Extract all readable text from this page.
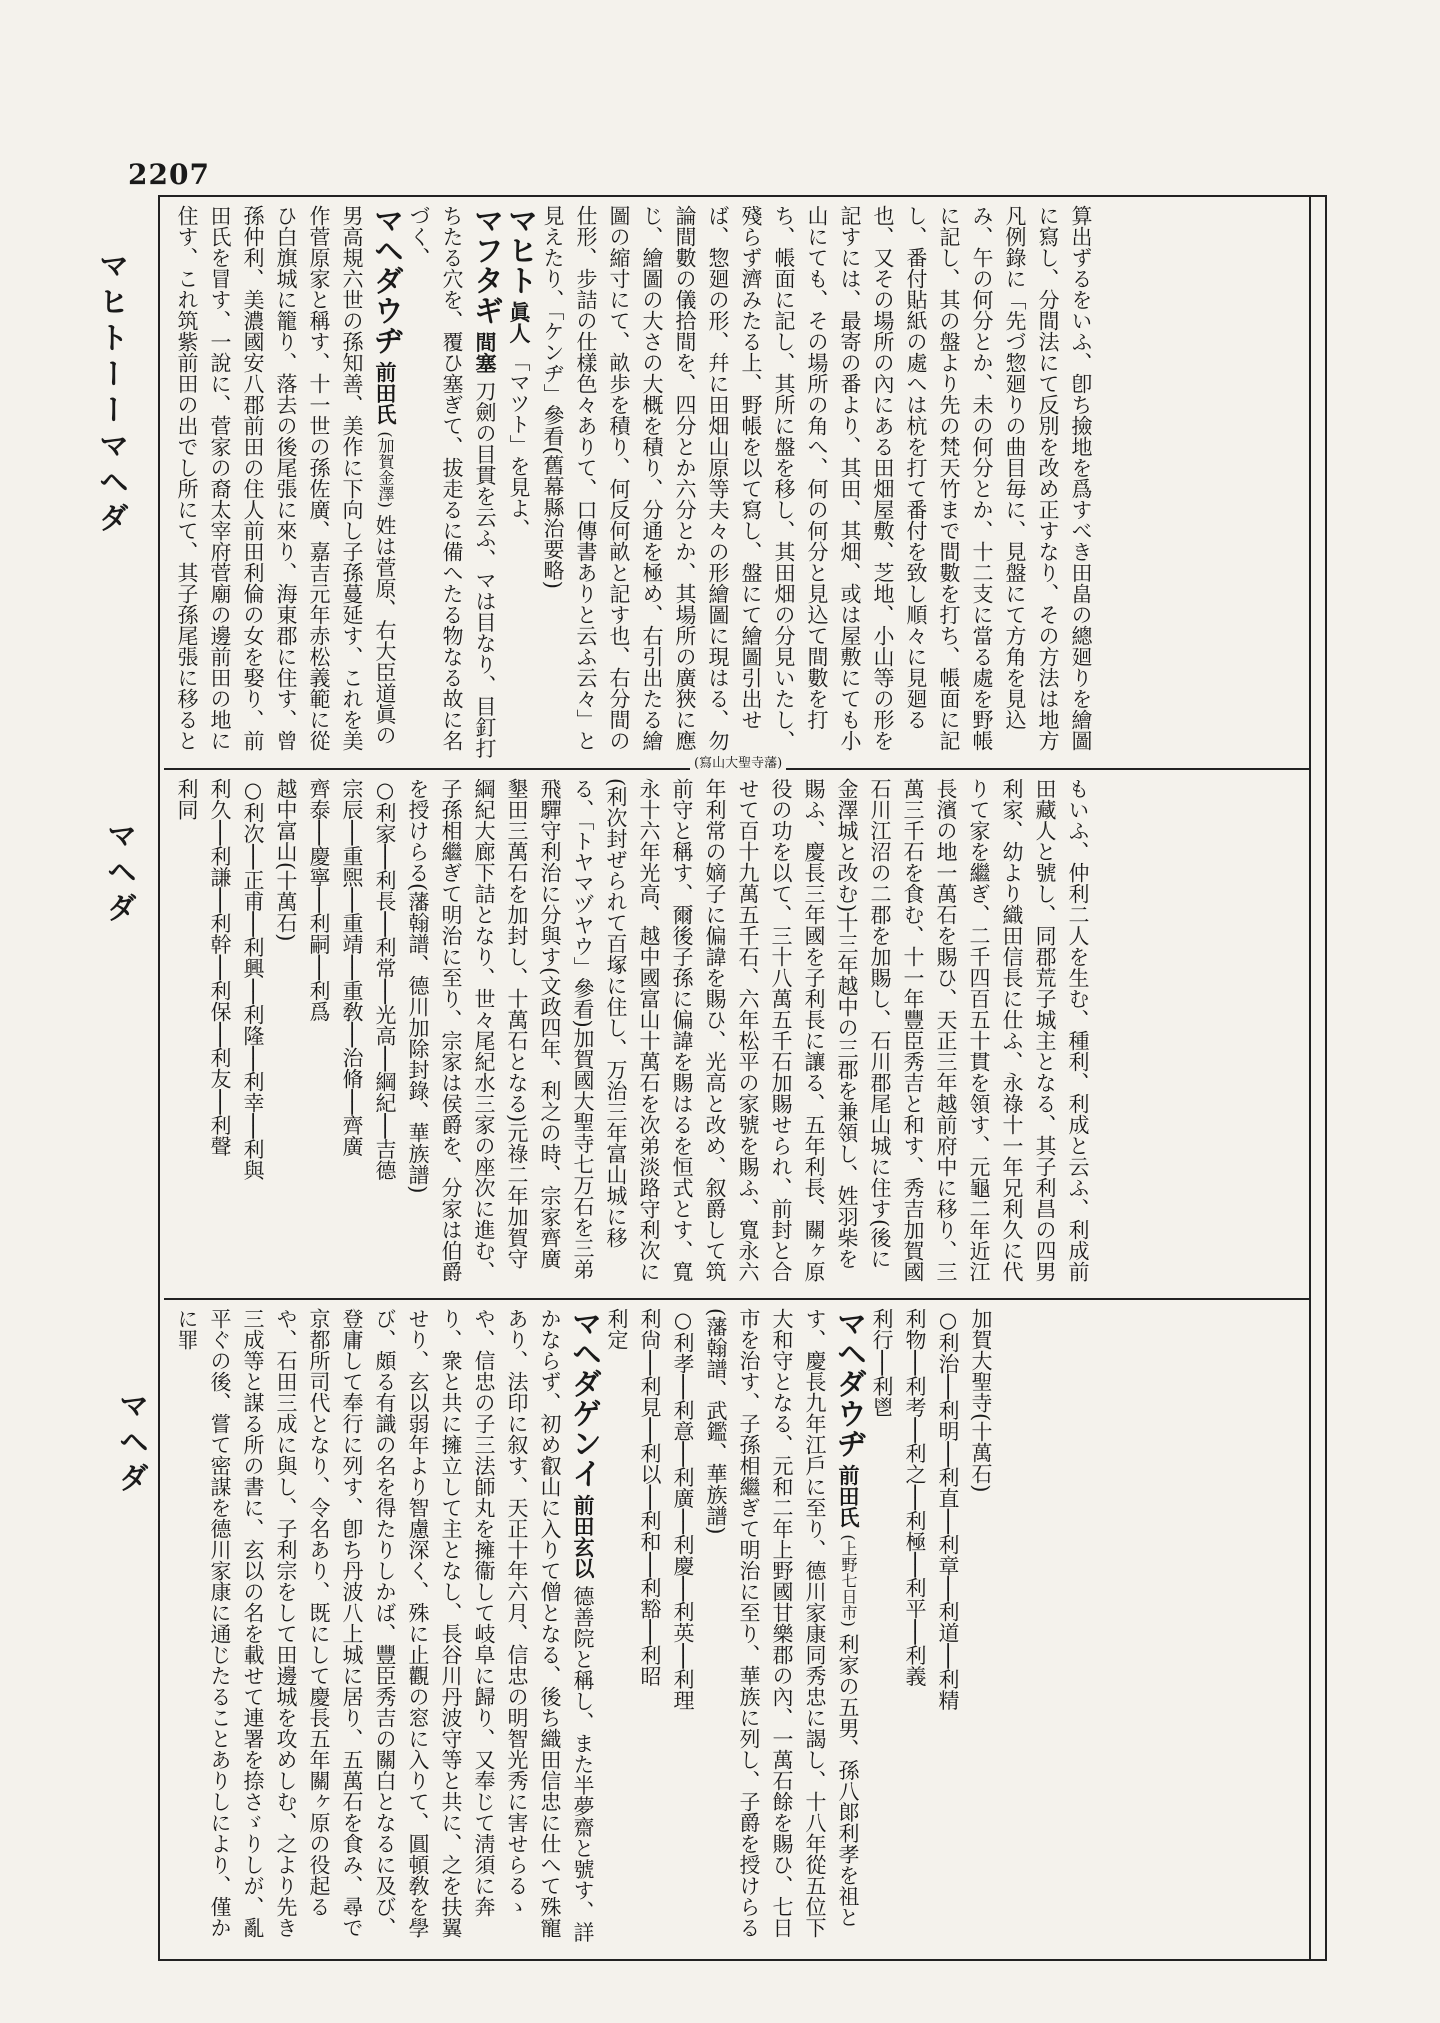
2207
マヒトーーマヘダ
マヘダ
マヘダ
(寫山大聖寺藩)

算出ずるをいふ、卽ち撿地を爲すべき田畠の總廻りを繪圖に寫し、分間法にて反別を改め正すなり、その方法は地方凡例錄に「先づ惣廻りの曲目毎に、見盤にて方角を見込み、午の何分とか、未の何分とか、十二支に當る處を野帳に記し、其の盤より先の梵天竹まで間數を打ち、帳面に記し、番付貼紙の處へは杭を打て番付を致し順々に見廻る也、又その場所の內にある田畑屋敷、芝地、小山等の形を記すには、最寄の番より、其田、其畑、或は屋敷にても小山にても、その場所の角へ、何の何分と見込て間數を打ち、帳面に記し、其所に盤を移し、其田畑の分見いたし、殘らず濟みたる上、野帳を以て寫し、盤にて繪圖引出せば、惣廻の形、幷に田畑山原等夫々の形繪圖に現はる、勿論間數の儀拾間を、四分とか六分とか、其場所の廣狹に應じ、繪圖の大さの大概を積り、分通を極め、右引出たる繪圖の縮寸にて、畝歩を積り、何反何畝と記す也、右分間の仕形、步詰の仕樣色々ありて、口傳書ありと云ふ云々」と見えたり、「ケンヂ」參看(舊幕縣治要略)

マヒト 眞人 「マツト」を見よ、

マフタギ 間塞 刀劍の目貫を云ふ、マは目なり、目釘打ちたる穴を、覆ひ塞ぎて、拔走るに備へたる物なる故に名づく、

マヘダウヂ 前田氏 (加賀金澤) 姓は菅原、右大臣道眞の男高規六世の孫知善、美作に下向し子孫蔓延す、これを美作菅原家と稱す、十一世の孫佐廣、嘉吉元年赤松義範に從ひ白旗城に籠り、落去の後尾張に來り、海東郡に住す、曾孫仲利、美濃國安八郡前田の住人前田利倫の女を娶り、前田氏を冒す、一說に、菅家の裔太宰府菅廟の邊前田の地に住す、これ筑紫前田の出でし所にて、其子孫尾張に移ると

もいふ、仲利二人を生む、種利、利成と云ふ、利成前田藏人と號し、同郡荒子城主となる、其子利昌の四男利家、幼より織田信長に仕ふ、永祿十一年兄利久に代りて家を繼ぎ、二千四百五十貫を領す、元龜二年近江長濱の地一萬石を賜ひ、天正三年越前府中に移り、三萬三千石を食む、十一年豐臣秀吉と和す、秀吉加賀國石川江沼の二郡を加賜し、石川郡尾山城に住す(後に金澤城と改む)十三年越中の三郡を兼領し、姓羽柴を賜ふ、慶長三年國を子利長に讓る、五年利長、關ヶ原役の功を以て、三十八萬五千石加賜せられ、前封と合せて百十九萬五千石、六年松平の家號を賜ふ、寬永六年利常の嫡子に偏諱を賜ひ、光高と改め、叙爵して筑前守と稱す、爾後子孫に偏諱を賜はるを恒式とす、寬永十六年光高、越中國富山十萬石を次弟淡路守利次に(利次封ぜられて百塚に住し、万治三年富山城に移る、「トヤマヅヤウ」參看)加賀國大聖寺七万石を三弟飛驒守利治に分與す(文政四年、利之の時、宗家齊廣墾田三萬石を加封し、十萬石となる)元祿二年加賀守綱紀大廊下詰となり、世々尾紀水三家の座次に進む、子孫相繼ぎて明治に至り、宗家は侯爵を、分家は伯爵を授けらる(藩翰譜、德川加除封錄、華族譜)

○利家──利長──利常──光高──綱紀──吉德

宗辰──重煕──重靖──重敎──治脩──齊廣

齊泰──慶寧──利嗣──利爲

越中富山(十萬石)

○利次──正甫──利興──利隆──利幸──利與

利久──利謙──利幹──利保──利友──利聲

利同

加賀大聖寺(十萬石)

○利治──利明──利直──利章──利道──利精

利物──利考──利之──利極──利平──利義

利行──利鬯

マヘダウヂ 前田氏 (上野七日市) 利家の五男、孫八郞利孝を祖とす、慶長九年江戶に至り、德川家康同秀忠に謁し、十八年從五位下大和守となる、元和二年上野國甘樂郡の內、一萬石餘を賜ひ、七日市を治す、子孫相繼ぎて明治に至り、華族に列し、子爵を授けらる(藩翰譜、武鑑、華族譜)

○利孝──利意──利廣──利慶──利英──利理

利尙──利見──利以──利和──利豁──利昭

利定

マヘダゲンイ 前田玄以 德善院と稱し、また半夢齋と號す、詳かならず、初め叡山に入りて僧となる、後ち織田信忠に仕へて殊寵あり、法印に叙す、天正十年六月、信忠の明智光秀に害せらるゝや、信忠の子三法師丸を擁衞して岐阜に歸り、又奉じて淸須に奔り、衆と共に擁立して主となし、長谷川丹波守等と共に、之を扶翼せり、玄以弱年より智慮深く、殊に止觀の窓に入りて、圓頓敎を學び、頗る有識の名を得たりしかば、豐臣秀吉の關白となるに及び、登庸して奉行に列す、卽ち丹波八上城に居り、五萬石を食み、尋で京都所司代となり、令名あり、既にして慶長五年關ヶ原の役起るや、石田三成に與し、子利宗をして田邊城を攻めしむ、之より先き三成等と謀る所の書に、玄以の名を載せて連署を捺さゞりしが、亂平ぐの後、嘗て密謀を德川家康に通じたることありしにより、僅かに罪
